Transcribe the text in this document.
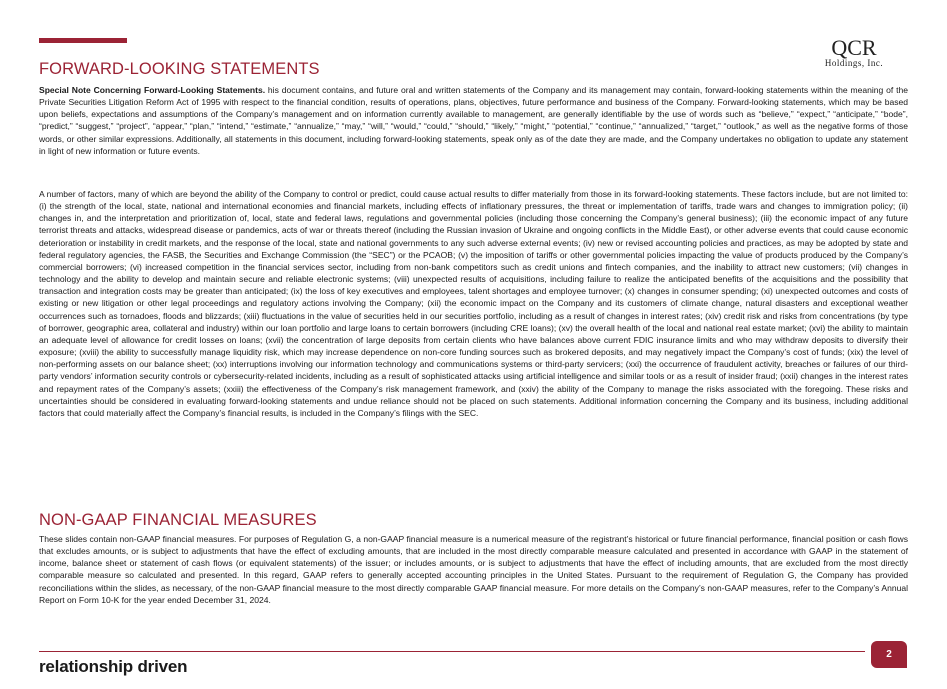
QCR
Holdings, Inc.
FORWARD-LOOKING STATEMENTS

Special Note Concerning Forward-Looking Statements. his document contains, and future oral and written statements of the Company and its management may contain, forward-looking statements within the meaning of the Private Securities Litigation Reform Act of 1995 with respect to the financial condition, results of operations, plans, objectives, future performance and business of the Company. Forward-looking statements, which may be based upon beliefs, expectations and assumptions of the Company’s management and on information currently available to management, are generally identifiable by the use of words such as “believe,” “expect,” “anticipate,” “bode”, “predict,” “suggest,” “project”, “appear,” “plan,” “intend,” “estimate,” “annualize,” “may,” “will,” “would,” “could,” “should,” “likely,” “might,” “potential,” “continue,” “annualized,” “target,” “outlook,” as well as the negative forms of those words, or other similar expressions. Additionally, all statements in this document, including forward-looking statements, speak only as of the date they are made, and the Company undertakes no obligation to update any statement in light of new information or future events.

A number of factors, many of which are beyond the ability of the Company to control or predict, could cause actual results to differ materially from those in its forward-looking statements. These factors include, but are not limited to: (i) the strength of the local, state, national and international economies and financial markets, including effects of inflationary pressures, the threat or implementation of tariffs, trade wars and changes to immigration policy; (ii) changes in, and the interpretation and prioritization of, local, state and federal laws, regulations and governmental policies (including those concerning the Company’s general business); (iii) the economic impact of any future terrorist threats and attacks, widespread disease or pandemics, acts of war or threats thereof (including the Russian invasion of Ukraine and ongoing conflicts in the Middle East), or other adverse events that could cause economic deterioration or instability in credit markets, and the response of the local, state and national governments to any such adverse external events; (iv) new or revised accounting policies and practices, as may be adopted by state and federal regulatory agencies, the FASB, the Securities and Exchange Commission (the “SEC”) or the PCAOB; (v) the imposition of tariffs or other governmental policies impacting the value of products produced by the Company’s commercial borrowers; (vi) increased competition in the financial services sector, including from non-bank competitors such as credit unions and fintech companies, and the inability to attract new customers; (vii) changes in technology and the ability to develop and maintain secure and reliable electronic systems; (viii) unexpected results of acquisitions, including failure to realize the anticipated benefits of the acquisitions and the possibility that transaction and integration costs may be greater than anticipated; (ix) the loss of key executives and employees, talent shortages and employee turnover; (x) changes in consumer spending; (xi) unexpected outcomes and costs of existing or new litigation or other legal proceedings and regulatory actions involving the Company; (xii) the economic impact on the Company and its customers of climate change, natural disasters and exceptional weather occurrences such as tornadoes, floods and blizzards; (xiii) fluctuations in the value of securities held in our securities portfolio, including as a result of changes in interest rates; (xiv) credit risk and risks from concentrations (by type of borrower, geographic area, collateral and industry) within our loan portfolio and large loans to certain borrowers (including CRE loans); (xv) the overall health of the local and national real estate market; (xvi) the ability to maintain an adequate level of allowance for credit losses on loans; (xvii) the concentration of large deposits from certain clients who have balances above current FDIC insurance limits and who may withdraw deposits to diversify their exposure; (xviii) the ability to successfully manage liquidity risk, which may increase dependence on non-core funding sources such as brokered deposits, and may negatively impact the Company’s cost of funds; (xix) the level of non-performing assets on our balance sheet; (xx) interruptions involving our information technology and communications systems or third-party servicers; (xxi) the occurrence of fraudulent activity, breaches or failures of our third-party vendors’ information security controls or cybersecurity-related incidents, including as a result of sophisticated attacks using artificial intelligence and similar tools or as a result of insider fraud; (xxii) changes in the interest rates and repayment rates of the Company’s assets; (xxiii) the effectiveness of the Company’s risk management framework, and (xxiv) the ability of the Company to manage the risks associated with the foregoing. These risks and uncertainties should be considered in evaluating forward-looking statements and undue reliance should not be placed on such statements. Additional information concerning the Company and its business, including additional factors that could materially affect the Company’s financial results, is included in the Company’s filings with the SEC.

NON-GAAP FINANCIAL MEASURES

These slides contain non-GAAP financial measures. For purposes of Regulation G, a non-GAAP financial measure is a numerical measure of the registrant’s historical or future financial performance, financial position or cash flows that excludes amounts, or is subject to adjustments that have the effect of excluding amounts, that are included in the most directly comparable measure calculated and presented in accordance with GAAP in the statement of income, balance sheet or statement of cash flows (or equivalent statements) of the issuer; or includes amounts, or is subject to adjustments that have the effect of including amounts, that are excluded from the most directly comparable measure so calculated and presented. In this regard, GAAP refers to generally accepted accounting principles in the United States. Pursuant to the requirement of Regulation G, the Company has provided reconciliations within the slides, as necessary, of the non-GAAP financial measure to the most directly comparable GAAP financial measure. For more details on the Company’s non-GAAP measures, refer to the Company’s Annual Report on Form 10-K for the year ended December 31, 2024.

relationship driven
2
